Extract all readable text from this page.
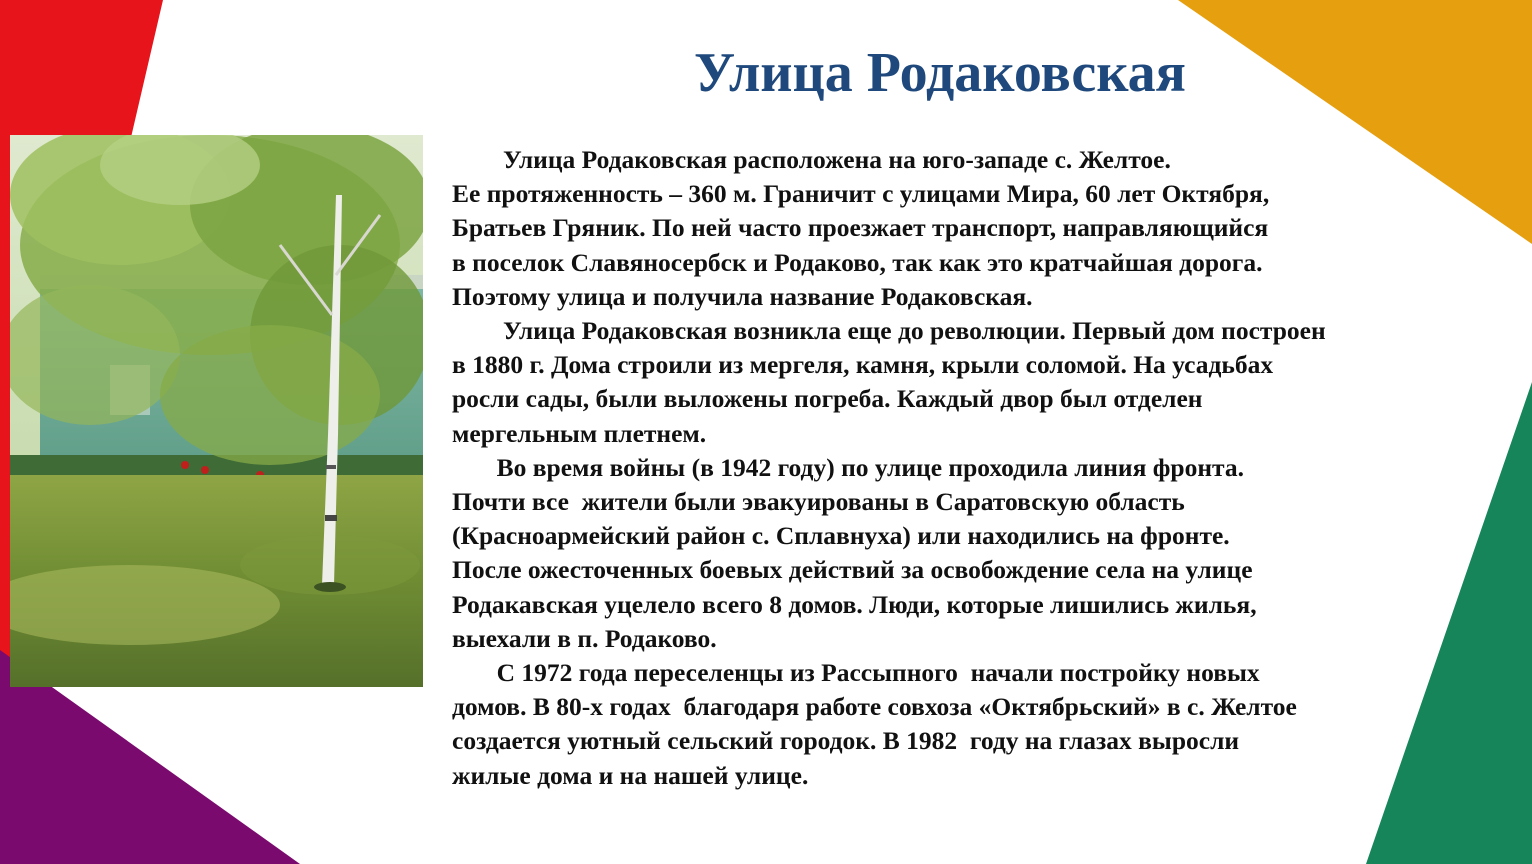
Улица Родаковская
Улица Родаковская расположена на юго-западе с. Желтое.
Ее протяженность – 360 м. Граничит с улицами Мира, 60 лет Октября,
Братьев Гряник. По ней часто проезжает транспорт, направляющийся
в поселок Славяносербск и Родаково, так как это кратчайшая дорога.
Поэтому улица и получила название Родаковская.
Улица Родаковская возникла еще до революции. Первый дом построен
в 1880 г. Дома строили из мергеля, камня, крыли соломой. На усадьбах
росли сады, были выложены погреба. Каждый двор был отделен
мергельным плетнем.
Во время войны (в 1942 году) по улице проходила линия фронта.
Почти все  жители были эвакуированы в Саратовскую область
(Красноармейский район с. Сплавнуха) или находились на фронте.
После ожесточенных боевых действий за освобождение села на улице
Родакавская уцелело всего 8 домов. Люди, которые лишились жилья,
выехали в п. Родаково.
С 1972 года переселенцы из Рассыпного  начали постройку новых
домов. В 80-х годах  благодаря работе совхоза «Октябрьский» в с. Желтое
создается уютный сельский городок. В 1982  году на глазах выросли
жилые дома и на нашей улице.
